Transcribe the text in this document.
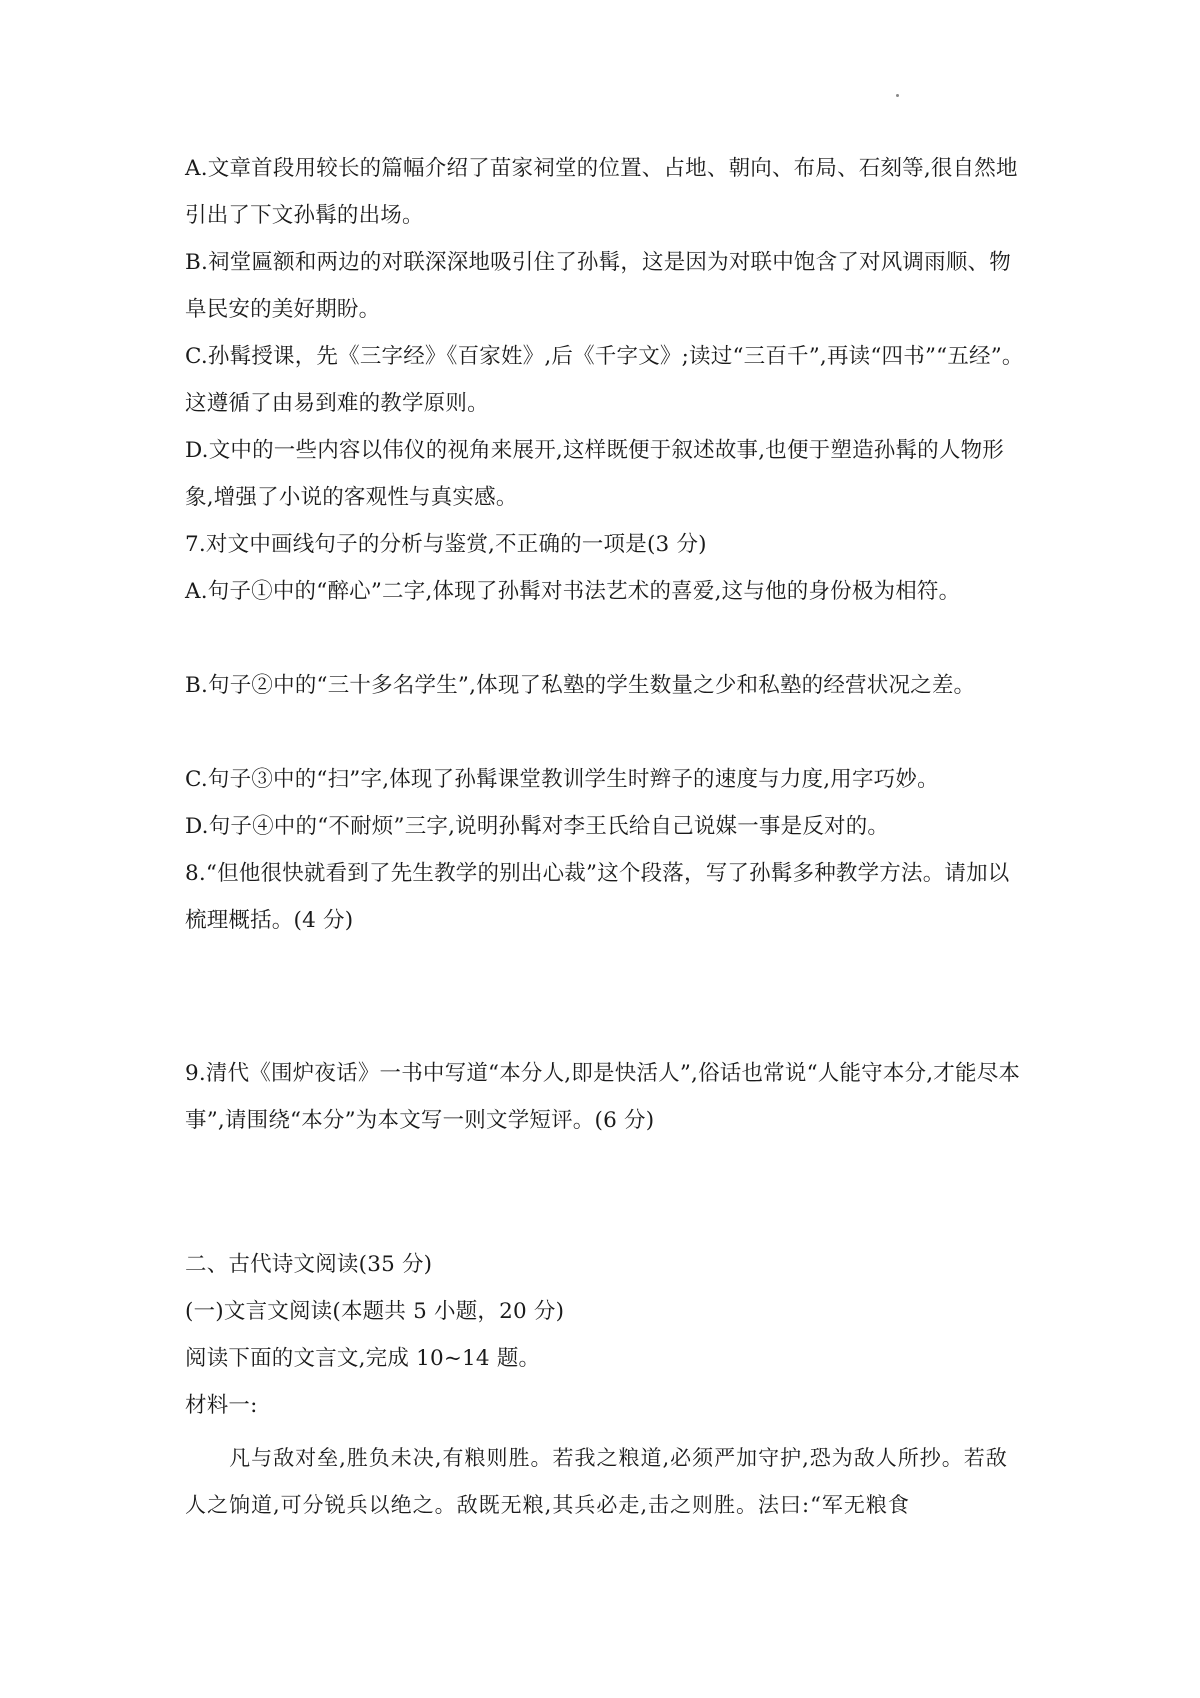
A.文章首段用较长的篇幅介绍了苗家祠堂的位置、占地、朝向、布局、石刻等,很自然地引出了下文孙髯的出场。

B.祠堂匾额和两边的对联深深地吸引住了孙髯，这是因为对联中饱含了对风调雨顺、物阜民安的美好期盼。

C.孙髯授课，先《三字经》《百家姓》,后《千字文》;读过“三百千”,再读“四书”“五经”。这遵循了由易到难的教学原则。

D.文中的一些内容以伟仪的视角来展开,这样既便于叙述故事,也便于塑造孙髯的人物形象,增强了小说的客观性与真实感。

7.对文中画线句子的分析与鉴赏,不正确的一项是(3 分)

A.句子①中的“醉心”二字,体现了孙髯对书法艺术的喜爱,这与他的身份极为相符。

B.句子②中的“三十多名学生”,体现了私塾的学生数量之少和私塾的经营状况之差。

C.句子③中的“扫”字,体现了孙髯课堂教训学生时辫子的速度与力度,用字巧妙。

D.句子④中的“不耐烦”三字,说明孙髯对李王氏给自己说媒一事是反对的。

8.“但他很快就看到了先生教学的别出心裁”这个段落，写了孙髯多种教学方法。请加以梳理概括。(4 分)

9.清代《围炉夜话》一书中写道“本分人,即是快活人”,俗话也常说“人能守本分,才能尽本事”,请围绕“本分”为本文写一则文学短评。(6 分)

二、古代诗文阅读(35 分)

(一)文言文阅读(本题共 5 小题，20 分)

阅读下面的文言文,完成 10~14 题。

材料一:

凡与敌对垒,胜负未决,有粮则胜。若我之粮道,必须严加守护,恐为敌人所抄。若敌人之饷道,可分锐兵以绝之。敌既无粮,其兵必走,击之则胜。法曰:“军无粮食
